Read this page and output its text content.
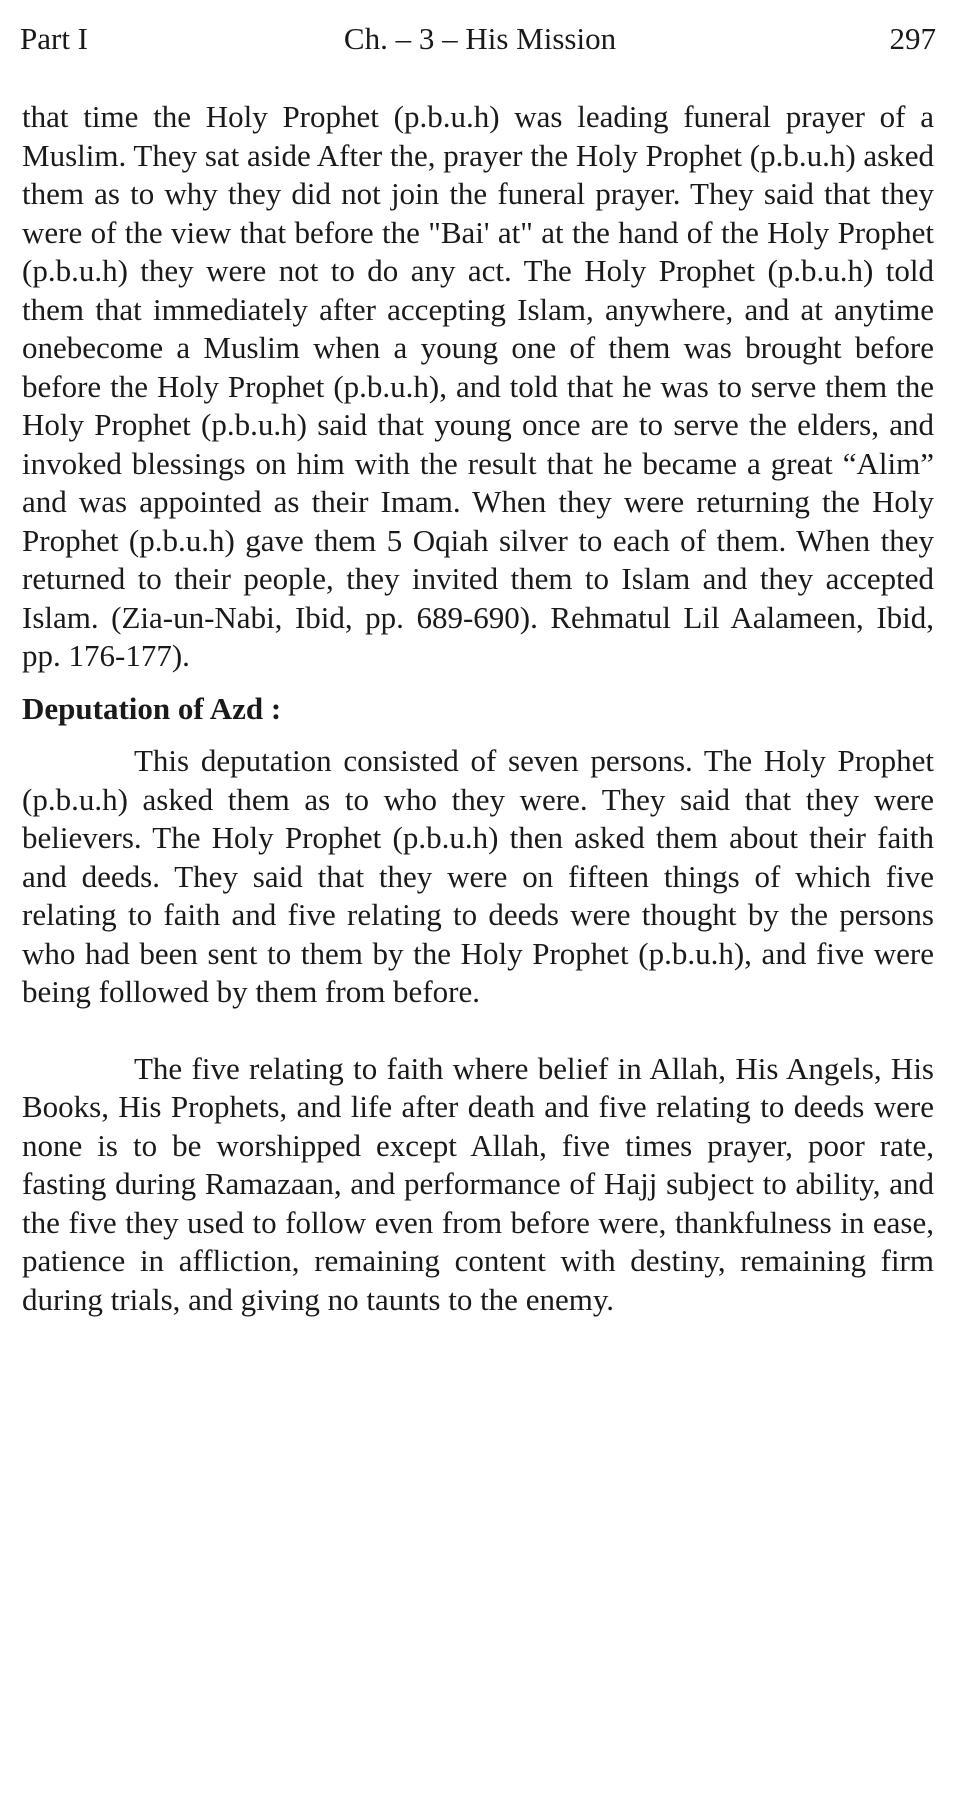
Part I	Ch. – 3 – His Mission	297

that time the Holy Prophet (p.b.u.h) was leading funeral prayer of a Muslim. They sat aside After the, prayer the Holy Prophet (p.b.u.h) asked them as to why they did not join the funeral prayer. They said that they were of the view that before the "Bai' at" at the hand of the Holy Prophet (p.b.u.h) they were not to do any act. The Holy Prophet (p.b.u.h) told them that immediately after accepting Islam, anywhere, and at anytime onebecome a Muslim when a young one of them was brought before before the Holy Prophet (p.b.u.h), and told that he was to serve them the Holy Prophet (p.b.u.h) said that young once are to serve the elders, and invoked blessings on him with the result that he became a great “Alim” and was appointed as their Imam. When they were returning the Holy Prophet (p.b.u.h) gave them 5 Oqiah silver to each of them. When they returned to their people, they invited them to Islam and they accepted Islam. (Zia-un-Nabi, Ibid, pp. 689-690). Rehmatul Lil Aalameen, Ibid, pp. 176-177).

Deputation of Azd :

This deputation consisted of seven persons. The Holy Prophet (p.b.u.h) asked them as to who they were. They said that they were believers. The Holy Prophet (p.b.u.h) then asked them about their faith and deeds. They said that they were on fifteen things of which five relating to faith and five relating to deeds were thought by the persons who had been sent to them by the Holy Prophet (p.b.u.h), and five were being followed by them from before.

The five relating to faith where belief in Allah, His Angels, His Books, His Prophets, and life after death and five relating to deeds were none is to be worshipped except Allah, five times prayer, poor rate, fasting during Ramazaan, and performance of Hajj subject to ability, and the five they used to follow even from before were, thankfulness in ease, patience in affliction, remaining content with destiny, remaining firm during trials, and giving no taunts to the enemy.
